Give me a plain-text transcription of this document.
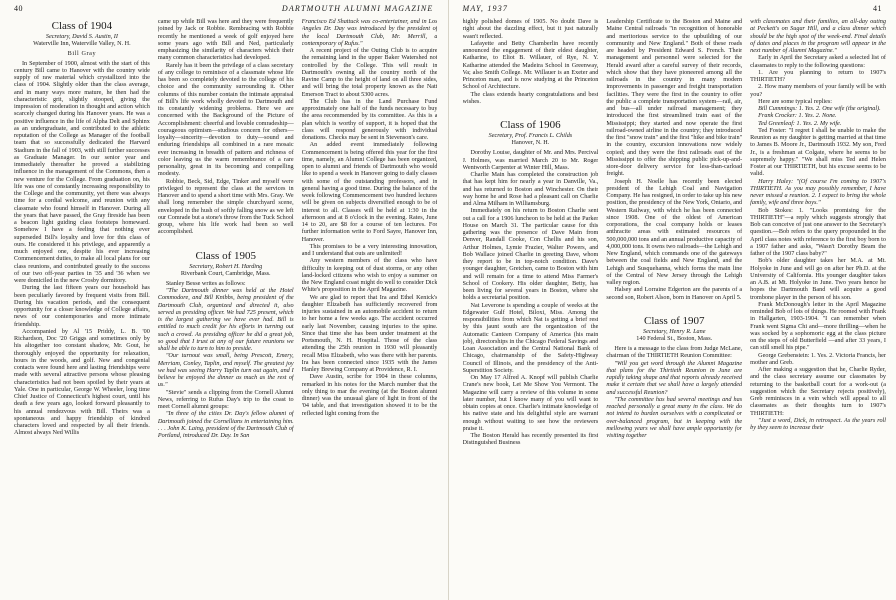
40	DARTMOUTH ALUMNI MAGAZINE
Class of 1904
Secretary, David S. Austin, II
Waterville Inn, Waterville Valley, N. H.
Bill Gray

In September of 1900, almost with the start of this century Bill came to Hanover with the country wide supply of raw material which crystallized into the class of 1904. Slightly older than the class average, and in many ways more mature, he then had the characteristic grit, slightly stooped, giving the impression of moderation in thought and action which scarcely changed during his Hanover years. He was a positive influence in the life of Alpha Delt and Sphinx as an undergraduate, and contributed to the athletic reputation of the College as Manager of the football team that so successfully dedicated the Harvard Stadium in the fall of 1903, with still further successes as Graduate Manager. In our senior year and immediately thereafter he proved a stabilizing influence in the management of the Commons, then a new venture for the College. From graduation on, his life was one of constantly increasing responsibility to the College and the community, yet there was always time for a cordial welcome, and reunion with any classmate who found himself in Hanover. During all the years that have passed, the Gray fireside has been a beacon light guiding class footsteps homeward. Somehow I have a feeling that nothing ever superseded Bill's loyalty and love for this class of ours. He considered it his privilege, and apparently a much enjoyed one, despite his ever increasing Commencement duties, to make all local plans for our class reunions, and contributed greatly to the success of our two off-year parties in '35 and '36 when we were domiciled in the new Crosby dormitory.

During the last fifteen years our household has been peculiarly favored by frequent visits from Bill. During his vacation periods, and the consequent opportunity for a closer knowledge of College affairs, news of our contemporaries and more intimate friendship.

Accompanied by Al '15 Priddy, L. B. '00 Richardson, Doc '20 Griggs and sometimes only by his altogether too constant shadow, Mr. Gout, he thoroughly enjoyed the opportunity for relaxation, hours in the woods, and golf. New and congenial contacts were found here and lasting friendships were made with several attractive persons whose pleasing characteristics had not been spoiled by their years at Yale. One in particular, George W. Wheeler, long time Chief Justice of Connecticut's highest court, until his death a few years ago, looked forward pleasantly to his annual rendezvous with Bill. Theirs was a spontaneous and happy friendship of kindred characters loved and respected by all their friends. Almost always Ned Willis

came up while Bill was here and they were frequently joined by Jack or Robbie. Rembracing with Robbie recently he mentioned a week of golf enjoyed here some years ago with Bill and Ned, particularly emphasizing the similarity of characters which their many common characteristics had developed.

Rarely has it been the privilege of a class secretary of any college to reminisce of a classmate whose life has been so completely devoted to the college of his choice and the community surrounding it. Other columns of this number contain the intimate appraisal of Bill's life work wholly devoted to Dartmouth and its constantly widening problems. Here we are concerned with the Background of the Picture of Accomplishment: cheerful and lovable comradeship—courageous optimism—studious concern for others—loyalty—sincerity—devotion to duty—sound and enduring friendships all combined in a rare mosaic ever increasing in breadth of pattern and richness of color leaving us the warm remembrance of a rare personality, great in its becoming and compelling modesty.

Robbie, Beck, Sid, Edge, Tinker and myself were privileged to represent the class at the services in Hanover and to spend a short time with Mrs. Gray. We shall long remember the simple churchyard scene, enveloped in the hush of softly falling snow as we left our Comrade but a stone's throw from the Tuck School group, where his life work had been so well accomplished.

Class of 1905
Secretary, Robert H. Harding
Riverbank Court, Cambridge, Mass.

Stanley Besse writes as follows:

"The Dartmouth dinner was held at the Hotel Commodore, and Bill Knibbs, being president of the Dartmouth Club, organized and directed it, also served as presiding officer. We had 725 present, which is the largest gathering we have ever had. Bill is entitled to much credit for his efforts in turning out such a crowd. As presiding officer he did a great job, so good that I trust at any of our future reunions we shall be able to turn to him to preside.

"Our turnout was small, being Prescott, Emery, Merriam, Conley, Taplin, and myself. The greatest joy we had was seeing Harry Taplin turn out again, and I believe he enjoyed the dinner as much as the rest of us."

"Stevie" sends a clipping from the Cornell Alumni News, referring to Rufus Day's trip to the coast to meet Cornell alumni groups:

"In three of the cities Dr. Day's fellow alumni of Dartmouth joined the Cornellians in entertaining him. . . . John K. Laing, president of the Dartmouth Club of Portland, introduced Dr. Day. In San

Francisco Ed Shattuck was co-entertainer, and in Los Angeles Dr. Day was introduced by the president of the local Dartmouth Club, Mr. Merrill, a contemporary of Rufus."

A recent project of the Outing Club is to acquire the remaining land in the upper Baker Watershed not controlled by the College. This will result in Dartmouth's owning all the country north of the Ravine Camp to the height of land on all three sides, and will bring the total property known as the Natt Emerson Tract to about 5300 acres.

The Club has in the Land Purchase Fund approximately one half of the funds necessary to buy the area recommended by its committee. As this is a plan which is worthy of support, it is hoped that the class will respond generously with individual donations. Checks may be sent in Stevenson's care.

An added event immediately following Commencement is being offered this year for the first time, namely, an Alumni College has been organized, open to alumni and friends of Dartmouth who would like to spend a week in Hanover going to daily classes with some of the outstanding professors, and in general having a good time. During the balance of the week following Commencement two hundred lectures will be given on subjects diversified enough to be of interest to all. Classes will be held at 1:30 in the afternoon and at 8 o'clock in the evening. Rates, June 14 to 20, are $8 for a course of ten lectures. For further information write to Ford Sayre, Hanover Inn, Hanover.

This promises to be a very interesting innovation, and I understand that outs are unlimited!

Any western members of the class who have difficulty in keeping out of dust storms, or any other land-locked citizens who wish to enjoy a summer on the New England coast might do well to consider Dick White's proposition in the April Magazine.

We are glad to report that Ira and Ethel Kenick's daughter Elizabeth has sufficiently recovered from injuries sustained in an automobile accident to return to her home a few weeks ago. The accident occurred early last November, causing injuries to the spine. Since that time she has been under treatment at the Portsmouth, N. H. Hospital. Those of the class attending the 25th reunion in 1930 will pleasantly recall Miss Elizabeth, who was there with her parents. Ira has been connected since 1935 with the James Hanley Brewing Company at Providence, R. I.

Dave Austin, scribe for 1904 in these columns, remarked in his notes for the March number that the only thing to mar the evening (at the Boston alumni dinner) was the unusual glare of light in front of the '04 table, and that investigation showed it to be the reflected light coming from the

MAY, 1937	41

highly polished domes of 1905. No doubt Dave is right about the dazzling effect, but it just naturally wasn't reflected.

Lafayette and Betty Chamberlin have recently announced the engagement of their eldest daughter, Katharine, to Eliot B. Willauer, of Rye, N. Y. Katharine attended the Madeira School in Greenway, Va; also Smith College. Mr. Willauer is an Exeter and Princeton man, and is now studying at the Princeton School of Architecture.

The class extends hearty congratulations and best wishes.

Class of 1906
Secretary, Prof. Francis L. Childs
Hanover, N. H.

Dorothy Louise, daughter of Mr. and Mrs. Percival J. Holmes, was married March 20 to Mr. Roger Wentworth Carpenter at Winter Hill, Mass.

Charlie Main has completed the construction job that has kept him for nearly a year in Danville, Va., and has returned to Boston and Winchester. On their way home he and Rose had a pleasant call on Charlie and Alma Milham in Williamsburg.

Immediately on his return to Boston Charlie sent out a call for a 1906 luncheon to be held at the Parker House on March 31. The particular cause for this gathering was the presence of Dave Main from Denver, Randall Cooke, Con Chellis and his son, Arthur Holmes, Lymie Frazier, Walter Powers, and Bob Wallace joined Charlie in greeting Dave, whom they report to be in top-notch condition. Dave's younger daughter, Gretchen, came to Boston with him and will remain for a time to attend Miss Farmer's School of Cookery. His older daughter, Betty, has been living for several years in Boston, where she holds a secretarial position.

Nat Leverone is spending a couple of weeks at the Edgewater Gulf Hotel, Biloxi, Miss. Among the responsibilities from which Nat is getting a brief rest by this jaunt south are the organization of the Automatic Canteen Company of America (his main job), directorships in the Chicago Federal Savings and Loan Association and the Central National Bank of Chicago, chairmanship of the Safety-Highway Council of Illinois, and the presidency of the Anti-Superstition Society.

On May 17 Alfred A. Knopf will publish Charlie Crane's new book, Let Me Show You Vermont. The Magazine will carry a review of this volume in some later number, but I know many of you will want to obtain copies at once. Charlie's intimate knowledge of his native state and his delightful style are warrant enough without waiting to see how the reviewers praise it.

The Boston Herald has recently presented its first Distinguished Business

Leadership Certificate to the Boston and Maine and Maine Central railroads "in recognition of honorable and meritorious service to the upbuilding of our community and New England." Both of these roads are headed by President Edward S. French. Their management and personnel were selected for the Herald award after a careful survey of their records, which show that they have pioneered among all the railroads in the country in many modern improvements in passenger and freight transportation facilities. They were the first in the country to offer the public a complete transportation system—rail, air, and bus—all under railroad management; they introduced the first streamlined train east of the Mississippi; they started and now operate the first railroad-owned airline in the country; they introduced the first "snow train" and the first "hike and bike train" in the country, excursion innovations now widely copied; and they were the first railroads east of the Mississippi to offer the shipping public pick-up-and-store-door delivery service for less-than-carload freight.

Joseph H. Noelle has recently been elected president of the Lehigh Coal and Navigation Company. He has resigned, in order to take up his new position, the presidency of the New York, Ontario, and Western Railway, with which he has been connected since 1908. One of the oldest of American corporations, the coal company holds or leases anthracite areas with estimated resources of 500,000,000 tons and an annual productive capacity of 4,000,000 tons. It owns two railroads—the Lehigh and New England, which commands one of the gateways between the coal fields and New England, and the Lehigh and Susquehanna, which forms the main line of the Central of New Jersey through the Lehigh valley region.

Halsey and Lorraine Edgerton are the parents of a second son, Robert Alson, born in Hanover on April 5.

Class of 1907
Secretary, Henry R. Lane
140 Federal St., Boston, Mass.

Here is a message to the class from Judge McLane, chairman of the THIRTIETH Reunion Committee:

"Will you get word through the Alumni Magazine that plans for the Thirtieth Reunion in June are rapidly taking shape and that reports already received make it certain that we shall have a largely attended and successful Reunion?

"The committee has had several meetings and has reached personally a great many in the class. We do not intend to burden ourselves with a complicated or over-balanced program, but in keeping with the mellowing years we shall have ample opportunity for visiting together

with classmates and their families, an all-day outing at Peckett's on Sugar Hill, and a class dinner which should be the high spot of the week-end. Final details of dates and places in the program will appear in the next number of Alumni Magazine."

Early in April the Secretary asked a selected list of classmates to reply to the following questions:

1. Are you planning to return to 1907's THIRTIETH?

2. How many members of your family will be with you?

Here are some typical replies:

Bill Cummings: 1. Yes. 2. One wife (the original).

Frank Crocker: 1. Yes. 2. None.

Ted Greenleaf: 1. Yes. 2. My wife.

Ted Foster: "I regret I shall be unable to make the Reunion as my daughter is getting married at that time to James B. Moore Jr., Dartmouth 1932. My son, Fred Jr., is a freshman at Colgate, where he seems to be supremely happy." "We shall miss Ted and Helen Foster at our THIRTIETH, but his excuse seems to be valid.

Harry Haley: "(Of course I'm coming to 1907's THIRTIETH. As you may possibly remember, I have never missed a reunion. 2. I expect to bring the whole family, wife and three boys."

Bob Stokes: 1. "Looks promising for the THIRTIETH"—a reply which suggests strongly that Bob can conceive of just one answer to the Secretary's question.—Bob refers to the query propounded in the April class notes with reference to the first boy born to a 1907 father and asks, "Wasn't Dorothy Beam the father of the 1907 class baby?"

Bob's older daughter takes her M.A. at Mt. Holyoke in June and will go on after her Ph.D. at the University of California. His younger daughter takes an A.B. at Mt. Holyoke in June. Two years hence he hopes the Dartmouth Band will acquire a good trombone player in the person of his son.

Frank McDonough's letter in the April Magazine reminded Bob of lots of things. He roomed with Frank in Hallgarten, 1903-1904. "I can remember when Frank went Sigma Chi and—more thrilling—when he was socked by a sophomoric egg at the class picture on the steps of old Butterfield —and after 33 years, I can still smell his pipe."

George Grebenstein: 1. Yes. 2. Victoria Francis, her mother and Greb.

After making a suggestion that he, Charlie Ryder, and the class secretary assume our classmates by returning to the basketball court for a work-out (a suggestion which the Secretary rejects positively), Greb reminisces in a vein which will appeal to all classmates as their thoughts turn to 1907's THIRTIETH:

"Just a word, Dick, in retrospect. As the years roll by they seem to increase their
